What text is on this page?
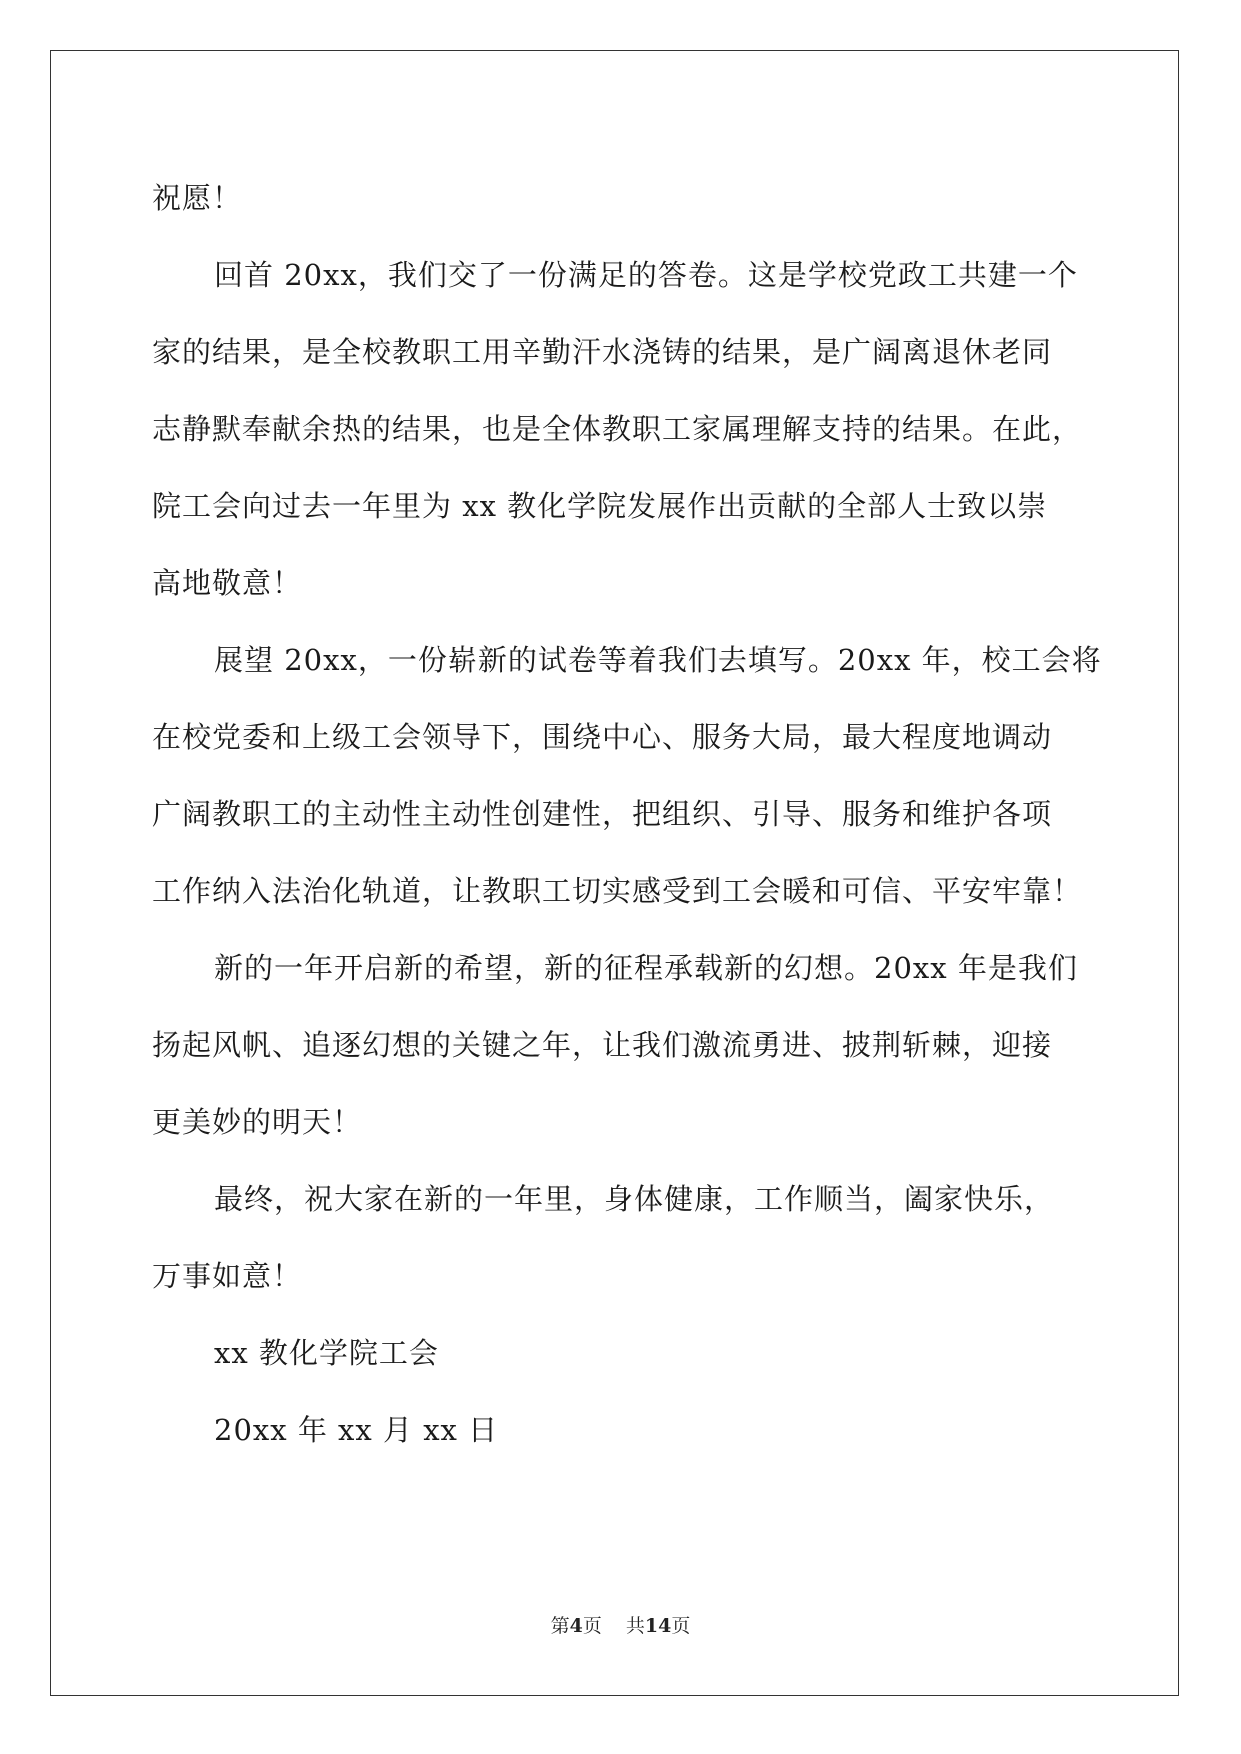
祝愿！
回首 20xx，我们交了一份满足的答卷。这是学校党政工共建一个
家的结果，是全校教职工用辛勤汗水浇铸的结果，是广阔离退休老同
志静默奉献余热的结果，也是全体教职工家属理解支持的结果。在此，
院工会向过去一年里为 xx 教化学院发展作出贡献的全部人士致以崇
高地敬意！
展望 20xx，一份崭新的试卷等着我们去填写。20xx 年，校工会将
在校党委和上级工会领导下，围绕中心、服务大局，最大程度地调动
广阔教职工的主动性主动性创建性，把组织、引导、服务和维护各项
工作纳入法治化轨道，让教职工切实感受到工会暖和可信、平安牢靠！
新的一年开启新的希望，新的征程承载新的幻想。20xx 年是我们
扬起风帆、追逐幻想的关键之年，让我们激流勇进、披荆斩棘，迎接
更美妙的明天！
最终，祝大家在新的一年里，身体健康，工作顺当，阖家快乐，
万事如意！
xx 教化学院工会
20xx 年 xx 月 xx 日
第4页 共14页
